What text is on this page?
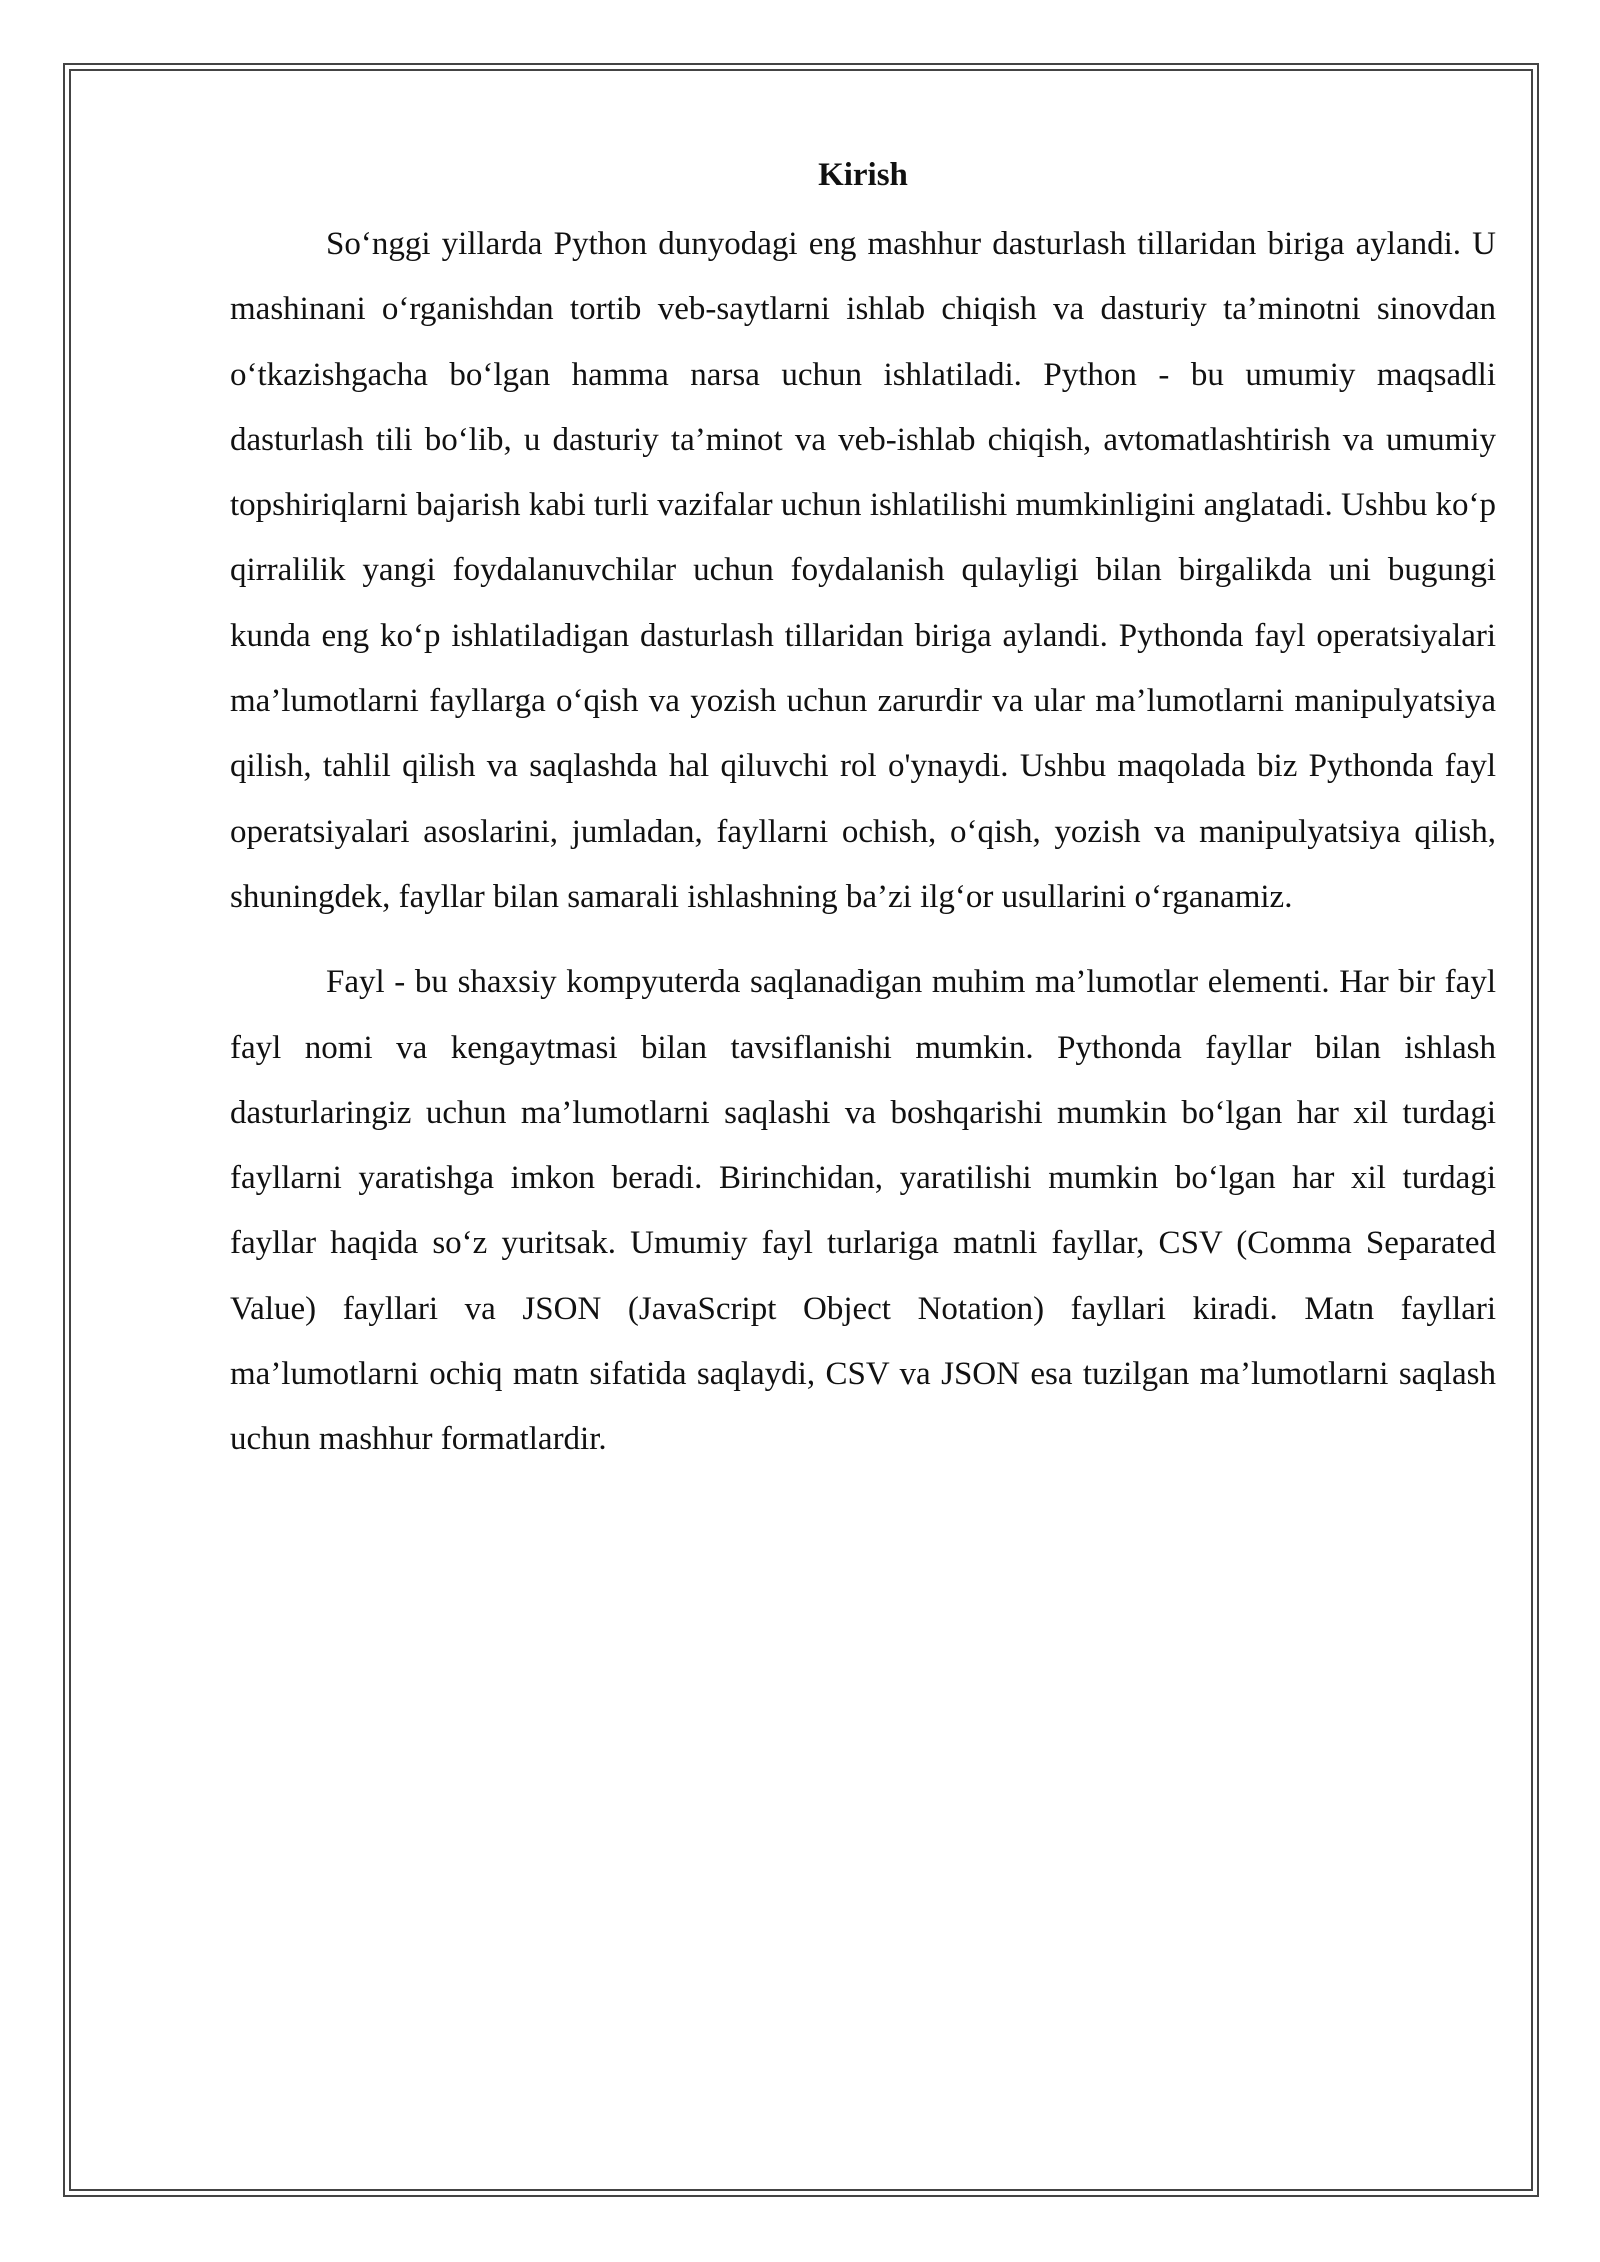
Kirish

So‘nggi yillarda Python dunyodagi eng mashhur dasturlash tillaridan biriga aylandi. U mashinani o‘rganishdan tortib veb-saytlarni ishlab chiqish va dasturiy ta’minotni sinovdan o‘tkazishgacha bo‘lgan hamma narsa uchun ishlatiladi. Python - bu umumiy maqsadli dasturlash tili bo‘lib, u dasturiy ta’minot va veb-ishlab chiqish, avtomatlashtirish va umumiy topshiriqlarni bajarish kabi turli vazifalar uchun ishlatilishi mumkinligini anglatadi. Ushbu ko‘p qirralilik yangi foydalanuvchilar uchun foydalanish qulayligi bilan birgalikda uni bugungi kunda eng ko‘p ishlatiladigan dasturlash tillaridan biriga aylandi. Pythonda fayl operatsiyalari ma’lumotlarni fayllarga o‘qish va yozish uchun zarurdir va ular ma’lumotlarni manipulyatsiya qilish, tahlil qilish va saqlashda hal qiluvchi rol o'ynaydi. Ushbu maqolada biz Pythonda fayl operatsiyalari asoslarini, jumladan, fayllarni ochish, o‘qish, yozish va manipulyatsiya qilish, shuningdek, fayllar bilan samarali ishlashning ba’zi ilg‘or usullarini o‘rganamiz.

Fayl - bu shaxsiy kompyuterda saqlanadigan muhim ma’lumotlar elementi. Har bir fayl fayl nomi va kengaytmasi bilan tavsiflanishi mumkin. Pythonda fayllar bilan ishlash dasturlaringiz uchun ma’lumotlarni saqlashi va boshqarishi mumkin bo‘lgan har xil turdagi fayllarni yaratishga imkon beradi. Birinchidan, yaratilishi mumkin bo‘lgan har xil turdagi fayllar haqida so‘z yuritsak. Umumiy fayl turlariga matnli fayllar, CSV (Comma Separated Value) fayllari va JSON (JavaScript Object Notation) fayllari kiradi. Matn fayllari ma’lumotlarni ochiq matn sifatida saqlaydi, CSV va JSON esa tuzilgan ma’lumotlarni saqlash uchun mashhur formatlardir.
